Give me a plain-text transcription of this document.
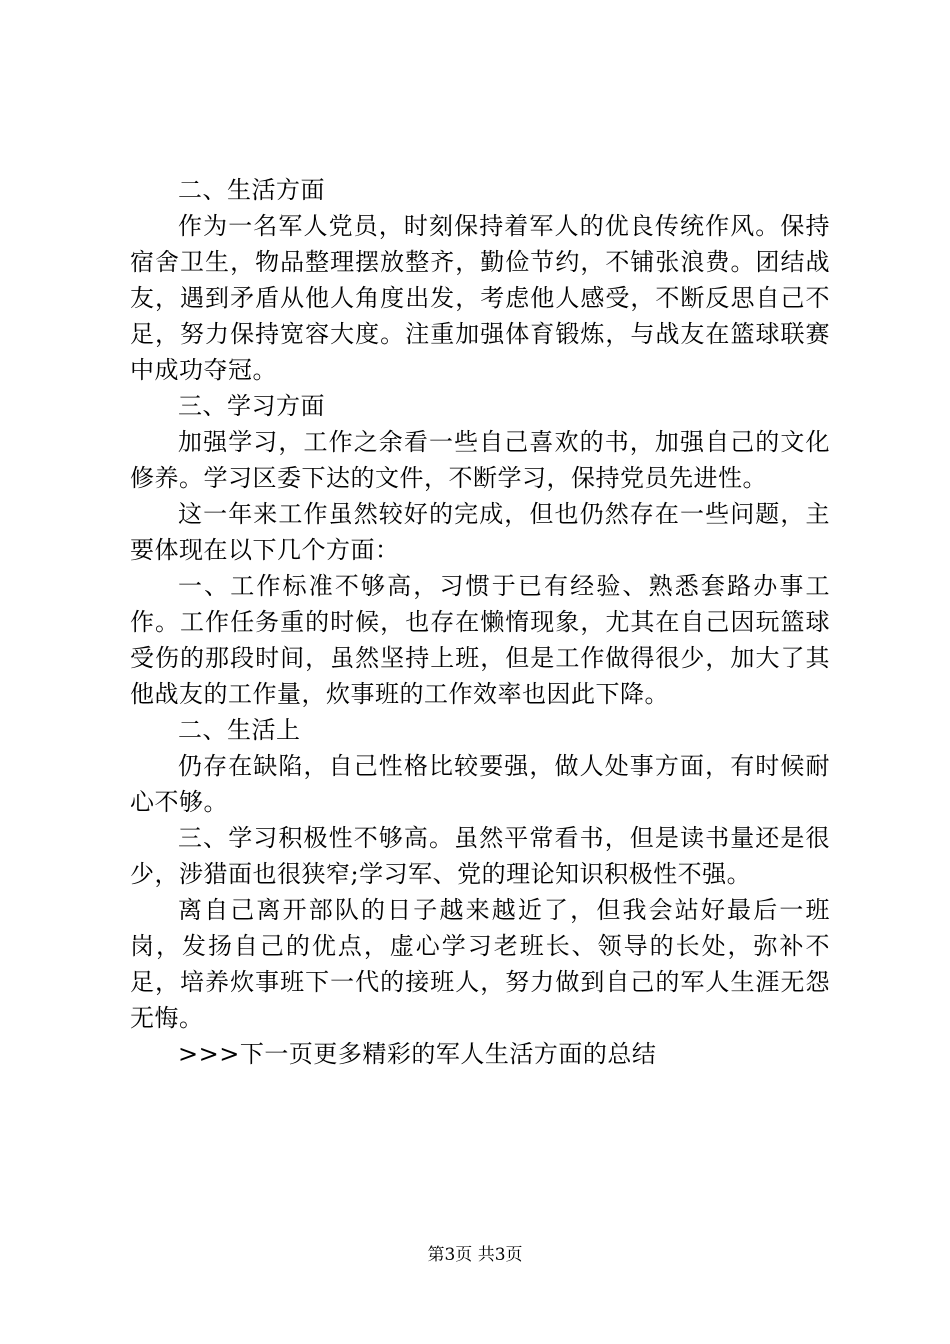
二、生活方面

作为一名军人党员，时刻保持着军人的优良传统作风。保持宿舍卫生，物品整理摆放整齐，勤俭节约，不铺张浪费。团结战友，遇到矛盾从他人角度出发，考虑他人感受，不断反思自己不足，努力保持宽容大度。注重加强体育锻炼，与战友在篮球联赛中成功夺冠。

三、学习方面

加强学习，工作之余看一些自己喜欢的书，加强自己的文化修养。学习区委下达的文件，不断学习，保持党员先进性。

这一年来工作虽然较好的完成，但也仍然存在一些问题，主要体现在以下几个方面：

一、工作标准不够高，习惯于已有经验、熟悉套路办事工作。工作任务重的时候，也存在懒惰现象，尤其在自己因玩篮球受伤的那段时间，虽然坚持上班，但是工作做得很少，加大了其他战友的工作量，炊事班的工作效率也因此下降。

二、生活上

仍存在缺陷，自己性格比较要强，做人处事方面，有时候耐心不够。

三、学习积极性不够高。虽然平常看书，但是读书量还是很少，涉猎面也很狭窄;学习军、党的理论知识积极性不强。

离自己离开部队的日子越来越近了，但我会站好最后一班岗，发扬自己的优点，虚心学习老班长、领导的长处，弥补不足，培养炊事班下一代的接班人，努力做到自己的军人生涯无怨无悔。

>>>下一页更多精彩的军人生活方面的总结

第3页 共3页
